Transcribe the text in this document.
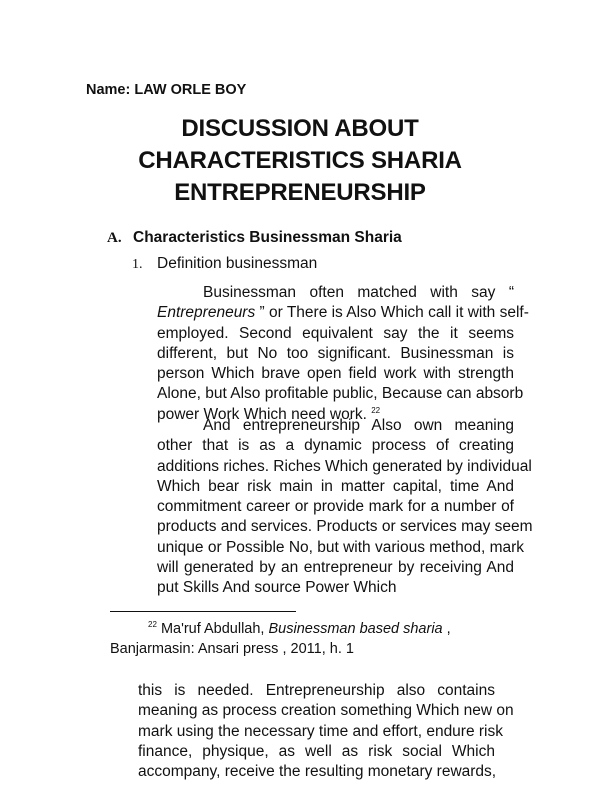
Name: LAW ORLE BOY
DISCUSSION ABOUT
CHARACTERISTICS SHARIA
ENTREPRENEURSHIP
A. Characteristics Businessman Sharia
1. Definition businessman
Businessman often matched with say “
Entrepreneurs ” or There is Also Which call it with self-
employed. Second equivalent say the it seems
different, but No too significant. Businessman is
person Which brave open field work with strength
Alone, but Also profitable public, Because can absorb
power Work Which need work. $^{22}$
And entrepreneurship Also own meaning
other that is as a dynamic process of creating
additions riches. Riches Which generated by individual
Which bear risk main in matter capital, time And
commitment career or provide mark for a number of
products and services. Products or services may seem
unique or Possible No, but with various method, mark
will generated by an entrepreneur by receiving And
put Skills And source Power Which
$^{22}$ Ma'ruf Abdullah, Businessman based sharia ,
Banjarmasin: Ansari press , 2011, h. 1
this is needed. Entrepreneurship also contains
meaning as process creation something Which new on
mark using the necessary time and effort, endure risk
finance, physique, as well as risk social Which
accompany, receive the resulting monetary rewards,
